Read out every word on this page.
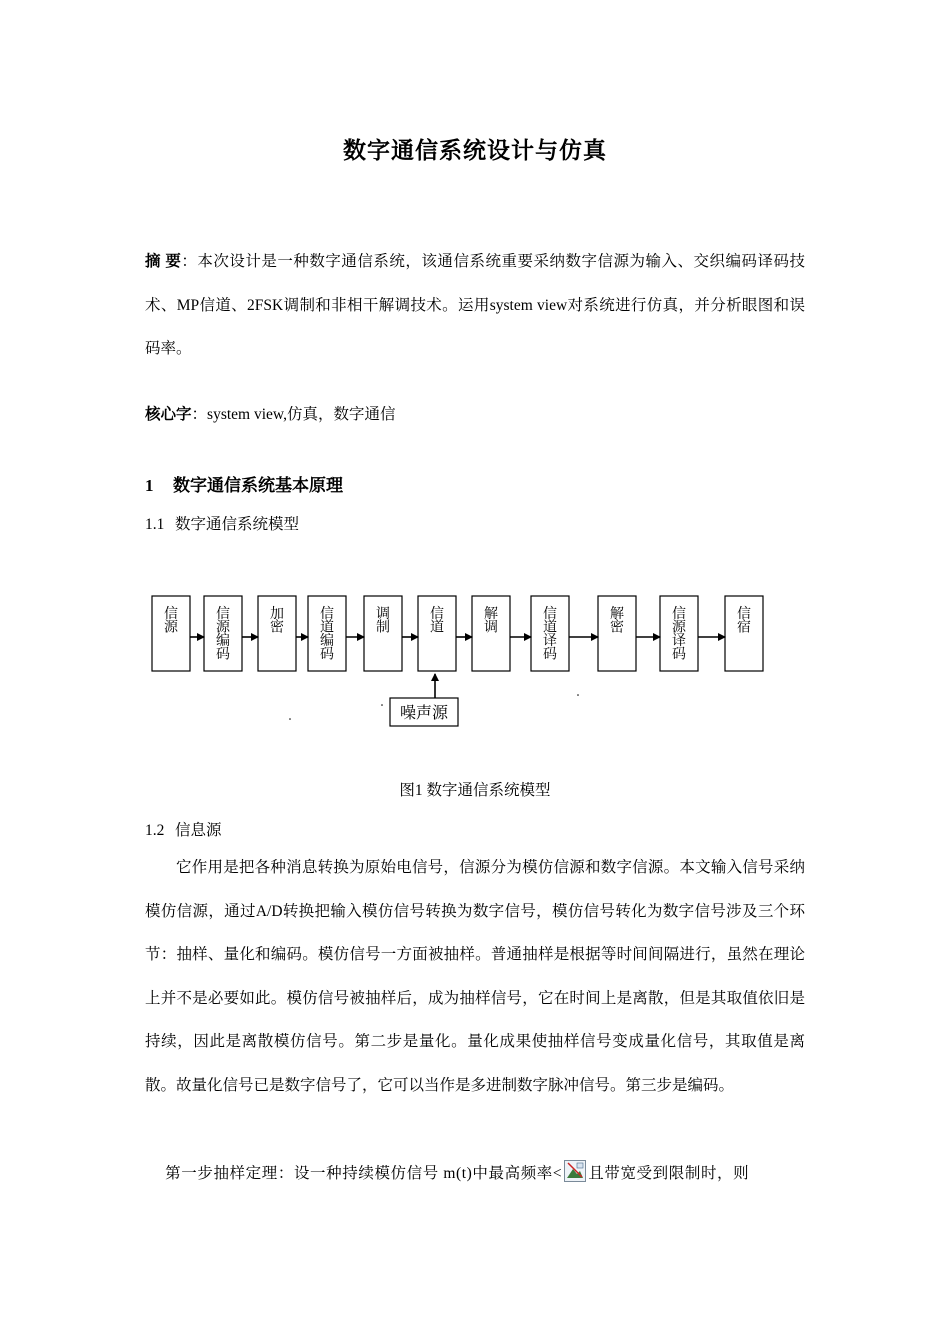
数字通信系统设计与仿真
摘 要：本次设计是一种数字通信系统，该通信系统重要采纳数字信源为输入、交织编码译码技术、MP信道、2FSK调制和非相干解调技术。运用system view对系统进行仿真，并分析眼图和误码率。
核心字：system view,仿真，数字通信
1 数字通信系统基本原理
1.1 数字通信系统模型
信源
信源编码
加密
信道编码
调制
信道
解调
信道译码
解密
信源译码
信宿
噪声源
图1 数字通信系统模型
1.2 信息源
它作用是把各种消息转换为原始电信号，信源分为模仿信源和数字信源。本文输入信号采纳模仿信源，通过A/D转换把输入模仿信号转换为数字信号，模仿信号转化为数字信号涉及三个环节：抽样、量化和编码。模仿信号一方面被抽样。普通抽样是根据等时间间隔进行，虽然在理论上并不是必要如此。模仿信号被抽样后，成为抽样信号，它在时间上是离散，但是其取值依旧是持续，因此是离散模仿信号。第二步是量化。量化成果使抽样信号变成量化信号，其取值是离散。故量化信号已是数字信号了，它可以当作是多进制数字脉冲信号。第三步是编码。
第一步抽样定理：设一种持续模仿信号 m(t)中最高频率< 且带宽受到限制时，则
